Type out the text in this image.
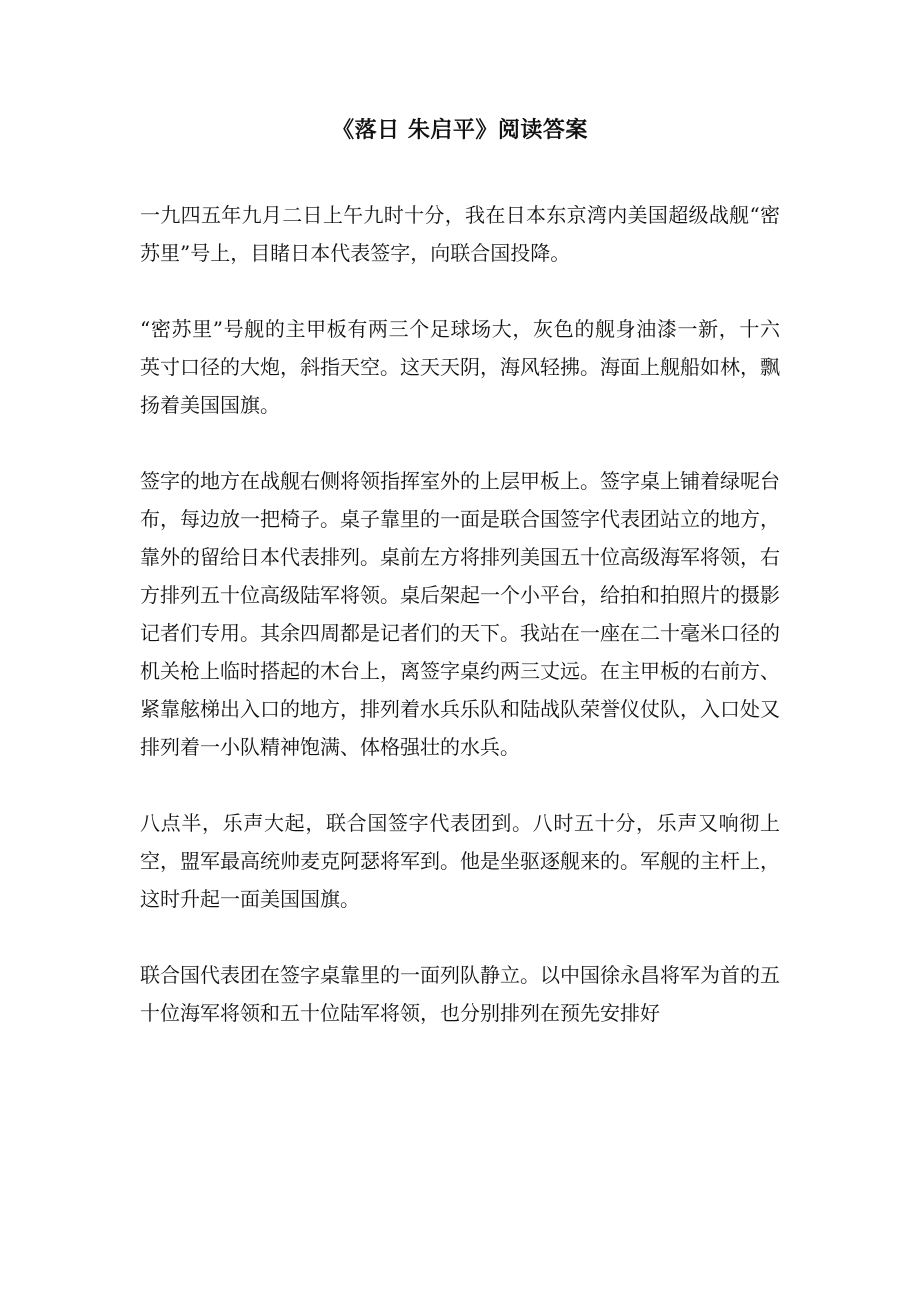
《落日 朱启平》阅读答案

一九四五年九月二日上午九时十分，我在日本东京湾内美国超级战舰“密苏里”号上，目睹日本代表签字，向联合国投降。

“密苏里”号舰的主甲板有两三个足球场大，灰色的舰身油漆一新，十六英寸口径的大炮，斜指天空。这天天阴，海风轻拂。海面上舰船如林，飘扬着美国国旗。

签字的地方在战舰右侧将领指挥室外的上层甲板上。签字桌上铺着绿呢台布，每边放一把椅子。桌子靠里的一面是联合国签字代表团站立的地方，靠外的留给日本代表排列。桌前左方将排列美国五十位高级海军将领，右方排列五十位高级陆军将领。桌后架起一个小平台，给拍和拍照片的摄影记者们专用。其余四周都是记者们的天下。我站在一座在二十毫米口径的机关枪上临时搭起的木台上，离签字桌约两三丈远。在主甲板的右前方、紧靠舷梯出入口的地方，排列着水兵乐队和陆战队荣誉仪仗队，入口处又排列着一小队精神饱满、体格强壮的水兵。

八点半，乐声大起，联合国签字代表团到。八时五十分，乐声又响彻上空，盟军最高统帅麦克阿瑟将军到。他是坐驱逐舰来的。军舰的主杆上，这时升起一面美国国旗。

联合国代表团在签字桌靠里的一面列队静立。以中国徐永昌将军为首的五十位海军将领和五十位陆军将领，也分别排列在预先安排好
